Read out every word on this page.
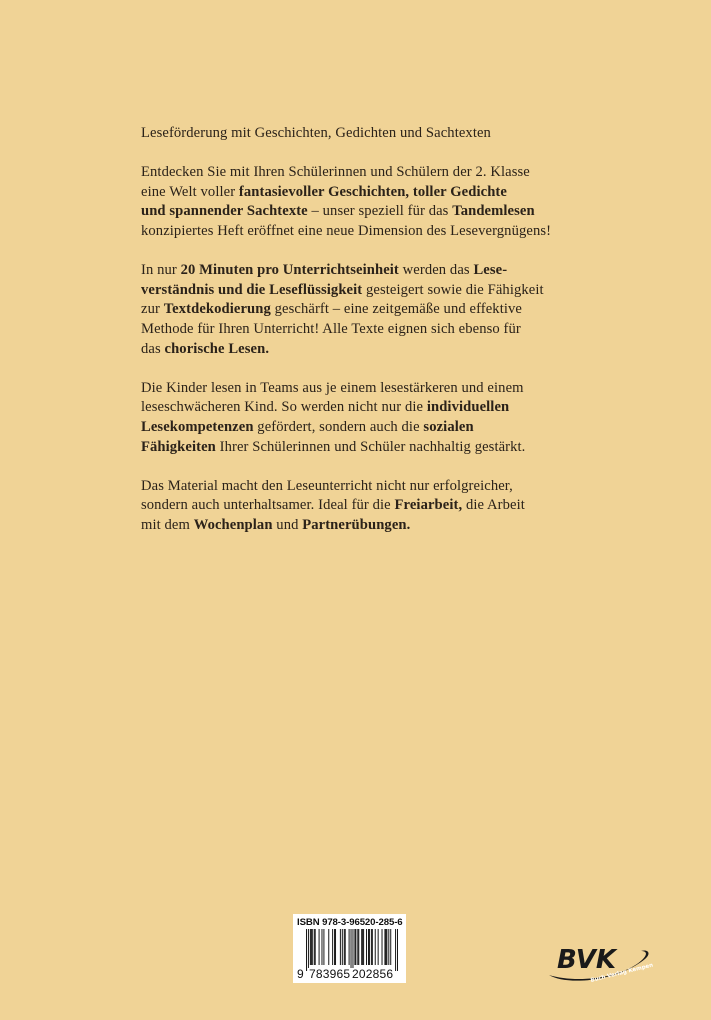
Leseförderung mit Geschichten, Gedichten und Sachtexten

Entdecken Sie mit Ihren Schülerinnen und Schülern der 2. Klasse
eine Welt voller fantasievoller Geschichten, toller Gedichte
und spannender Sachtexte – unser speziell für das Tandemlesen
konzipiertes Heft eröffnet eine neue Dimension des Lesevergnügens!

In nur 20 Minuten pro Unterrichtseinheit werden das Lese-
verständnis und die Leseflüssigkeit gesteigert sowie die Fähigkeit
zur Textdekodierung geschärft – eine zeitgemäße und effektive
Methode für Ihren Unterricht! Alle Texte eignen sich ebenso für
das chorische Lesen.

Die Kinder lesen in Teams aus je einem lesestärkeren und einem
leseschwächeren Kind. So werden nicht nur die individuellen
Lesekompetenzen gefördert, sondern auch die sozialen
Fähigkeiten Ihrer Schülerinnen und Schüler nachhaltig gestärkt.

Das Material macht den Leseunterricht nicht nur erfolgreicher,
sondern auch unterhaltsamer. Ideal für die Freiarbeit, die Arbeit
mit dem Wochenplan und Partnerübungen.

ISBN 978-3-96520-285-6
9 783965 202856	BVK
Buch Verlag Kempen
